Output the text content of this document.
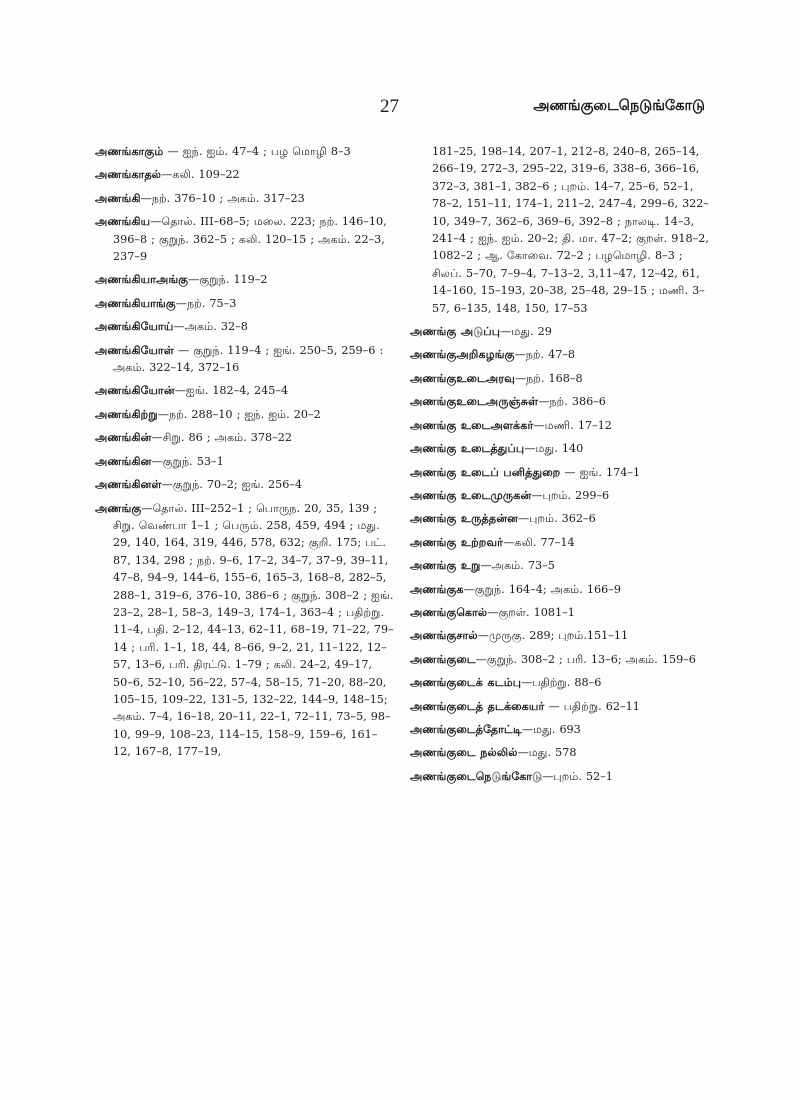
27	அணங்குடைநெடுங்கோடு
அணங்காகும் — ஐந். ஐம். 47–4 ; பழ மொழி 8–3
அணங்காதல்—கலி. 109–22
அணங்கி—நற். 376–10 ; அகம். 317–23
அணங்கிய—தொல். III–68–5; மலை. 223; நற். 146–10, 396–8 ; குறுந். 362–5 ; கலி. 120–15 ; அகம். 22–3, 237–9
அணங்கியாஅங்கு—குறுந். 119–2
அணங்கியாங்கு—நற். 75–3
அணங்கியோய்—அகம். 32–8
அணங்கியோள் — குறுந். 119–4 ; ஐங். 250–5, 259–6 : அகம். 322–14, 372–16
அணங்கியோன்—ஐங். 182–4, 245–4
அணங்கிற்று—நற். 288–10 ; ஐந். ஐம். 20–2
அணங்கின்—சிறு. 86 ; அகம். 378–22
அணங்கின—குறுந். 53–1
அணங்கினள்—குறுந். 70–2; ஐங். 256–4
அணங்கு—தொல். III–252–1 ; பொருந. 20, 35, 139 ; சிறு. வெண்பா 1–1 ; பெரும். 258, 459, 494 ; மது. 29, 140, 164, 319, 446, 578, 632; குறி. 175; பட். 87, 134, 298 ; நற். 9–6, 17–2, 34–7, 37–9, 39–11, 47–8, 94–9, 144–6, 155–6, 165–3, 168–8, 282–5, 288–1, 319–6, 376–10, 386–6 ; குறுந். 308–2 ; ஐங். 23–2, 28–1, 58–3, 149–3, 174–1, 363–4 ; பதிற்று. 11–4, பதி. 2–12, 44–13, 62–11, 68–19, 71–22, 79–14 ; பரி. 1–1, 18, 44, 8–66, 9–2, 21, 11–122, 12–57, 13–6, பரி. திரட்டு. 1–79 ; கலி. 24–2, 49–17, 50–6, 52–10, 56–22, 57–4, 58–15, 71–20, 88–20, 105–15, 109–22, 131–5, 132–22, 144–9, 148–15; அகம். 7–4, 16–18, 20–11, 22–1, 72–11, 73–5, 98–10, 99–9, 108–23, 114–15, 158–9, 159–6, 161–12, 167–8, 177–19,
181–25, 198–14, 207–1, 212–8, 240–8, 265–14, 266–19, 272–3, 295–22, 319–6, 338–6, 366–16, 372–3, 381–1, 382–6 ; புறம். 14–7, 25–6, 52–1, 78–2, 151–11, 174–1, 211–2, 247–4, 299–6, 322–10, 349–7, 362–6, 369–6, 392–8 ; நாலடி. 14–3, 241–4 ; ஐந். ஐம். 20–2; தி. மா. 47–2; குறள். 918–2, 1082–2 ; ஆ. கோவை. 72–2 ; பழமொழி. 8–3 ; சிலப். 5–70, 7–9–4, 7–13–2, 3,11–47, 12–42, 61, 14–160, 15–193, 20–38, 25–48, 29–15 ; மணி. 3–57, 6–135, 148, 150, 17–53
அணங்கு அடுப்பு—மது. 29
அணங்குஅறிகழங்கு—நற். 47–8
அணங்குஉடைஅரவு—நற். 168–8
அணங்குஉடைஅருஞ்சுள்—நற். 386–6
அணங்கு உடைஅளக்கர்—மணி. 17–12
அணங்கு உடைத்துப்பு—மது. 140
அணங்கு உடைப் பனித்துறை — ஐங். 174–1
அணங்கு உடைமுருகன்—புறம். 299–6
அணங்கு உருத்தன்ன—புறம். 362–6
அணங்கு உற்றவர்—கலி. 77–14
அணங்கு உறு—அகம். 73–5
அணங்குக—குறுந். 164–4; அகம். 166–9
அணங்குகொல்—குறள். 1081–1
அணங்குசால்—முருகு. 289; புறம்.151–11
அணங்குடை—குறுந். 308–2 ; பரி. 13–6; அகம். 159–6
அணங்குடைக் கடம்பு—பதிற்று. 88–6
அணங்குடைத் தடக்கையர் — பதிற்று. 62–11
அணங்குடைத்தோட்டி—மது. 693
அணங்குடை நல்லில்—மது. 578
அணங்குடைநெடுங்கோடு—புறம். 52–1
